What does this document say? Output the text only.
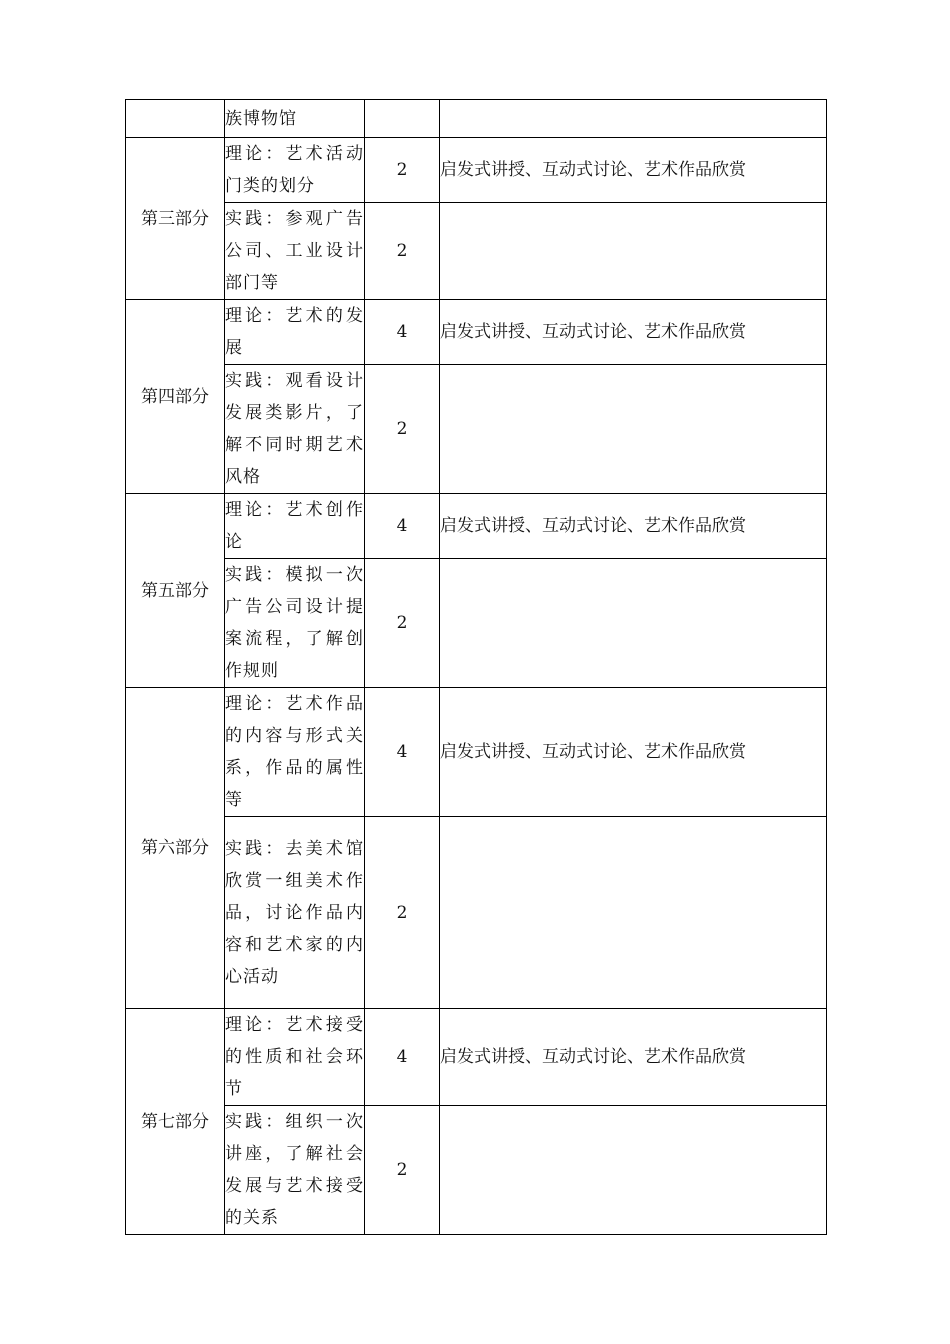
	族博物馆		
第三部分	理论：艺术活动门类的划分	2	启发式讲授、互动式讨论、艺术作品欣赏
	实践：参观广告公司、工业设计部门等	2	
第四部分	理论：艺术的发展	4	启发式讲授、互动式讨论、艺术作品欣赏
	实践：观看设计发展类影片，了解不同时期艺术风格	2	
第五部分	理论：艺术创作论	4	启发式讲授、互动式讨论、艺术作品欣赏
	实践：模拟一次广告公司设计提案流程，了解创作规则	2	
第六部分	理论：艺术作品的内容与形式关系，作品的属性等	4	启发式讲授、互动式讨论、艺术作品欣赏
	实践：去美术馆欣赏一组美术作品，讨论作品内容和艺术家的内心活动	2	
第七部分	理论：艺术接受的性质和社会环节	4	启发式讲授、互动式讨论、艺术作品欣赏
	实践：组织一次讲座，了解社会发展与艺术接受的关系	2	
